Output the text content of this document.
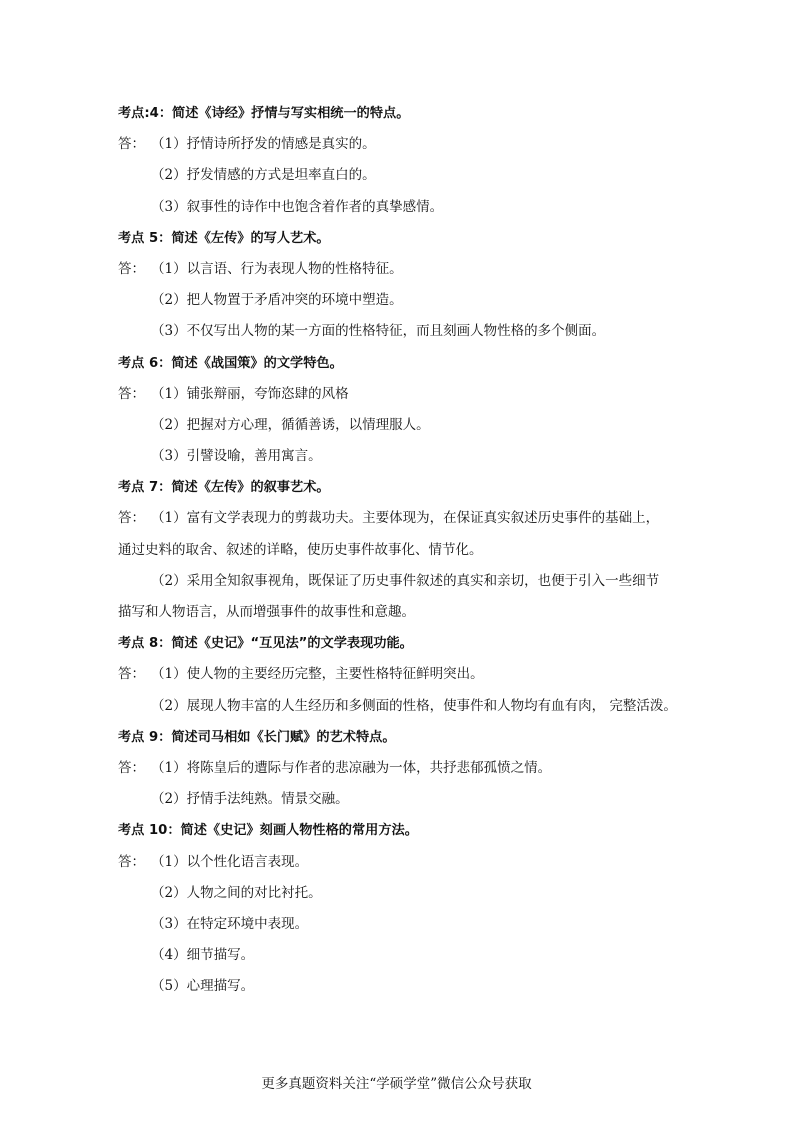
考点:4：简述《诗经》抒情与写实相统一的特点。
答： （1）抒情诗所抒发的情感是真实的。
（2）抒发情感的方式是坦率直白的。
（3）叙事性的诗作中也饱含着作者的真挚感情。
考点 5：简述《左传》的写人艺术。
答： （1）以言语、行为表现人物的性格特征。
（2）把人物置于矛盾冲突的环境中塑造。
（3）不仅写出人物的某一方面的性格特征，而且刻画人物性格的多个侧面。
考点 6：简述《战国策》的文学特色。
答： （1）铺张辩丽，夸饰恣肆的风格
（2）把握对方心理，循循善诱，以情理服人。
（3）引譬设喻，善用寓言。
考点 7：简述《左传》的叙事艺术。
答： （1）富有文学表现力的剪裁功夫。主要体现为，在保证真实叙述历史事件的基础上，
通过史料的取舍、叙述的详略，使历史事件故事化、情节化。
（2）采用全知叙事视角，既保证了历史事件叙述的真实和亲切，也便于引入一些细节
描写和人物语言，从而增强事件的故事性和意趣。
考点 8：简述《史记》“互见法”的文学表现功能。
答： （1）使人物的主要经历完整，主要性格特征鲜明突出。
（2）展现人物丰富的人生经历和多侧面的性格，使事件和人物均有血有肉， 完整活泼。
考点 9：简述司马相如《长门赋》的艺术特点。
答： （1）将陈皇后的遭际与作者的悲凉融为一体，共抒悲郁孤愤之情。
（2）抒情手法纯熟。情景交融。
考点 10：简述《史记》刻画人物性格的常用方法。
答： （1）以个性化语言表现。
（2）人物之间的对比衬托。
（3）在特定环境中表现。
（4）细节描写。
（5）心理描写。
更多真题资料关注“学硕学堂”微信公众号获取
